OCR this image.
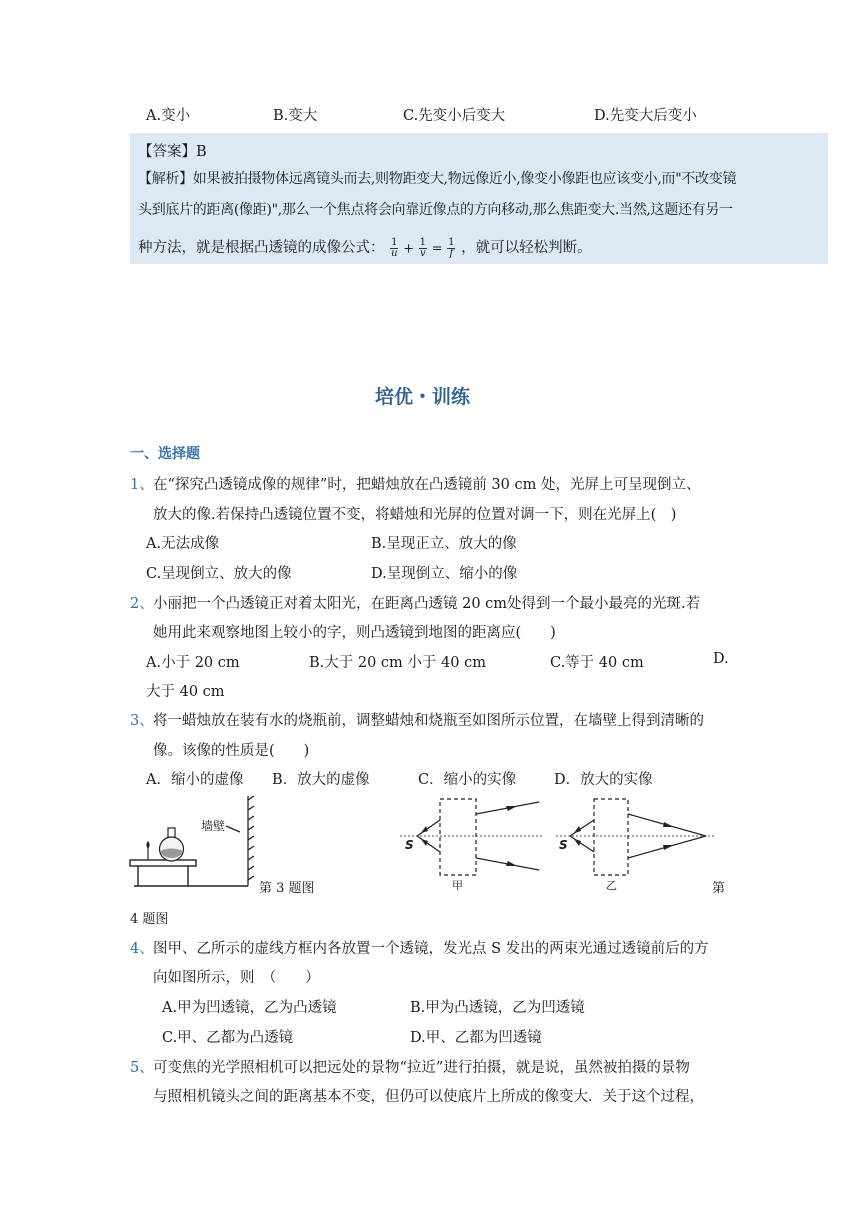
A.变小	B.变大	C.先变小后变大	D.先变大后变小
【答案】B
【解析】如果被拍摄物体远离镜头而去,则物距变大,物远像近小,像变小像距也应该变小,而"不改变镜
头到底片的距离(像距)",那么一个焦点将会向靠近像点的方向移动,那么焦距变大.当然,这题还有另一
种方法，就是根据凸透镜的成像公式： $\frac{1}{u} + \frac{1}{v} = \frac{1}{f}$ ，就可以轻松判断。
培优・训练
一、选择题
1、 在“探究凸透镜成像的规律”时，把蜡烛放在凸透镜前 30 cm 处，光屏上可呈现倒立、
放大的像.若保持凸透镜位置不变，将蜡烛和光屏的位置对调一下，则在光屏上(　)
A.无法成像	B.呈现正立、放大的像
C.呈现倒立、放大的像	D.呈现倒立、缩小的像
2、 小丽把一个凸透镜正对着太阳光，在距离凸透镜 20 cm处得到一个最小最亮的光斑.若
她用此来观察地图上较小的字，则凸透镜到地图的距离应(　　)
A.小于 20 cm	B.大于 20 cm 小于 40 cm	C.等于 40 cm	D.
大于 40 cm
3、 将一蜡烛放在装有水的烧瓶前，调整蜡烛和烧瓶至如图所示位置，在墙壁上得到清晰的
像。该像的性质是(　　)
A．缩小的虚像 B．放大的虚像	C．缩小的实像	D．放大的实像
墙壁
第 3 题图
S
甲
S
乙	第
4 题图
4、 图甲、乙所示的虚线方框内各放置一个透镜，发光点 S 发出的两束光通过透镜前后的方
向如图所示，则　（　　）
A.甲为凹透镜，乙为凸透镜	B.甲为凸透镜，乙为凹透镜
C.甲、乙都为凸透镜	D.甲、乙都为凹透镜
5、 可变焦的光学照相机可以把远处的景物“拉近”进行拍摄，就是说，虽然被拍摄的景物
与照相机镜头之间的距离基本不变，但仍可以使底片上所成的像变大．关于这个过程，
